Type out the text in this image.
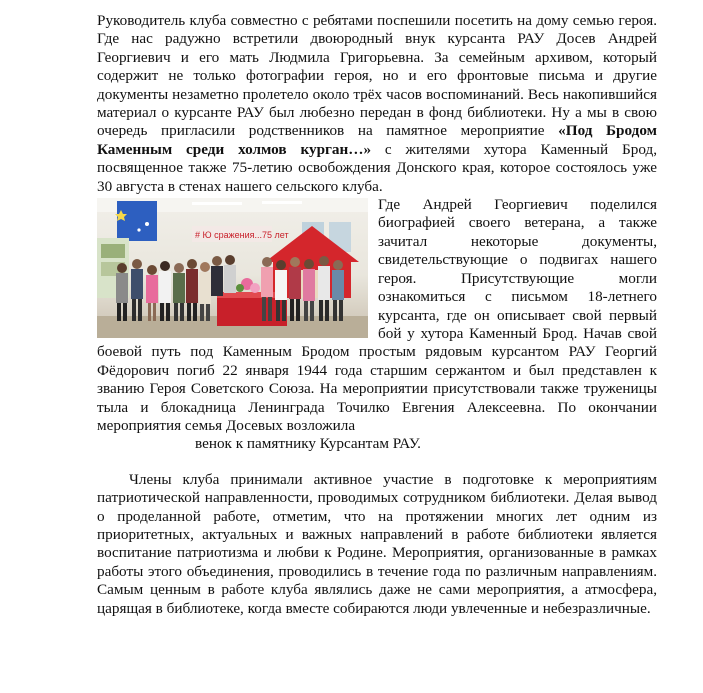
Руководитель клуба совместно с ребятами поспешили посетить на дому семью героя. Где нас радужно встретили двоюродный внук курсанта РАУ Досев Андрей Георгиевич и его мать Людмила Григорьевна. За семейным архивом, который содержит не только фотографии героя, но и его фронтовые письма и другие документы незаметно пролетело около трёх часов воспоминаний. Весь накопившийся материал о курсанте РАУ был любезно передан в фонд библиотеки. Ну а мы в свою очередь пригласили родственников на памятное мероприятие «Под Бродом Каменным среди холмов курган…» с жителями хутора Каменный Брод, посвященное также 75-летию освобождения Донского края, которое состоялось уже 30 августа в стенах нашего сельского клуба.

# Ю сражения...75 лет

Где Андрей Георгиевич поделился биографией своего ветерана, а также зачитал некоторые документы, свидетельствующие о подвигах нашего героя. Присутствующие могли ознакомиться с письмом 18-летнего курсанта, где он описывает свой первый бой у хутора Каменный Брод. Начав свой боевой путь под Каменным Бродом простым рядовым курсантом РАУ Георгий Фёдорович погиб 22 января 1944 года старшим сержантом и был представлен к званию Героя Советского Союза. На мероприятии присутствовали также труженицы тыла и блокадница Ленинграда Точилко Евгения Алексеевна. По окончании мероприятия семья Досевых возложила
венок к памятнику Курсантам РАУ.

Члены клуба принимали активное участие в подготовке к мероприятиям патриотической направленности, проводимых сотрудником библиотеки. Делая вывод о проделанной работе, отметим, что на протяжении многих лет одним из приоритетных, актуальных и важных направлений в работе библиотеки является воспитание патриотизма и любви к Родине. Мероприятия, организованные в рамках работы этого объединения, проводились в течение года по различным направлениям. Самым ценным в работе клуба являлись даже не сами мероприятия, а атмосфера, царящая в библиотеке, когда вместе собираются люди увлеченные и небезразличные.
